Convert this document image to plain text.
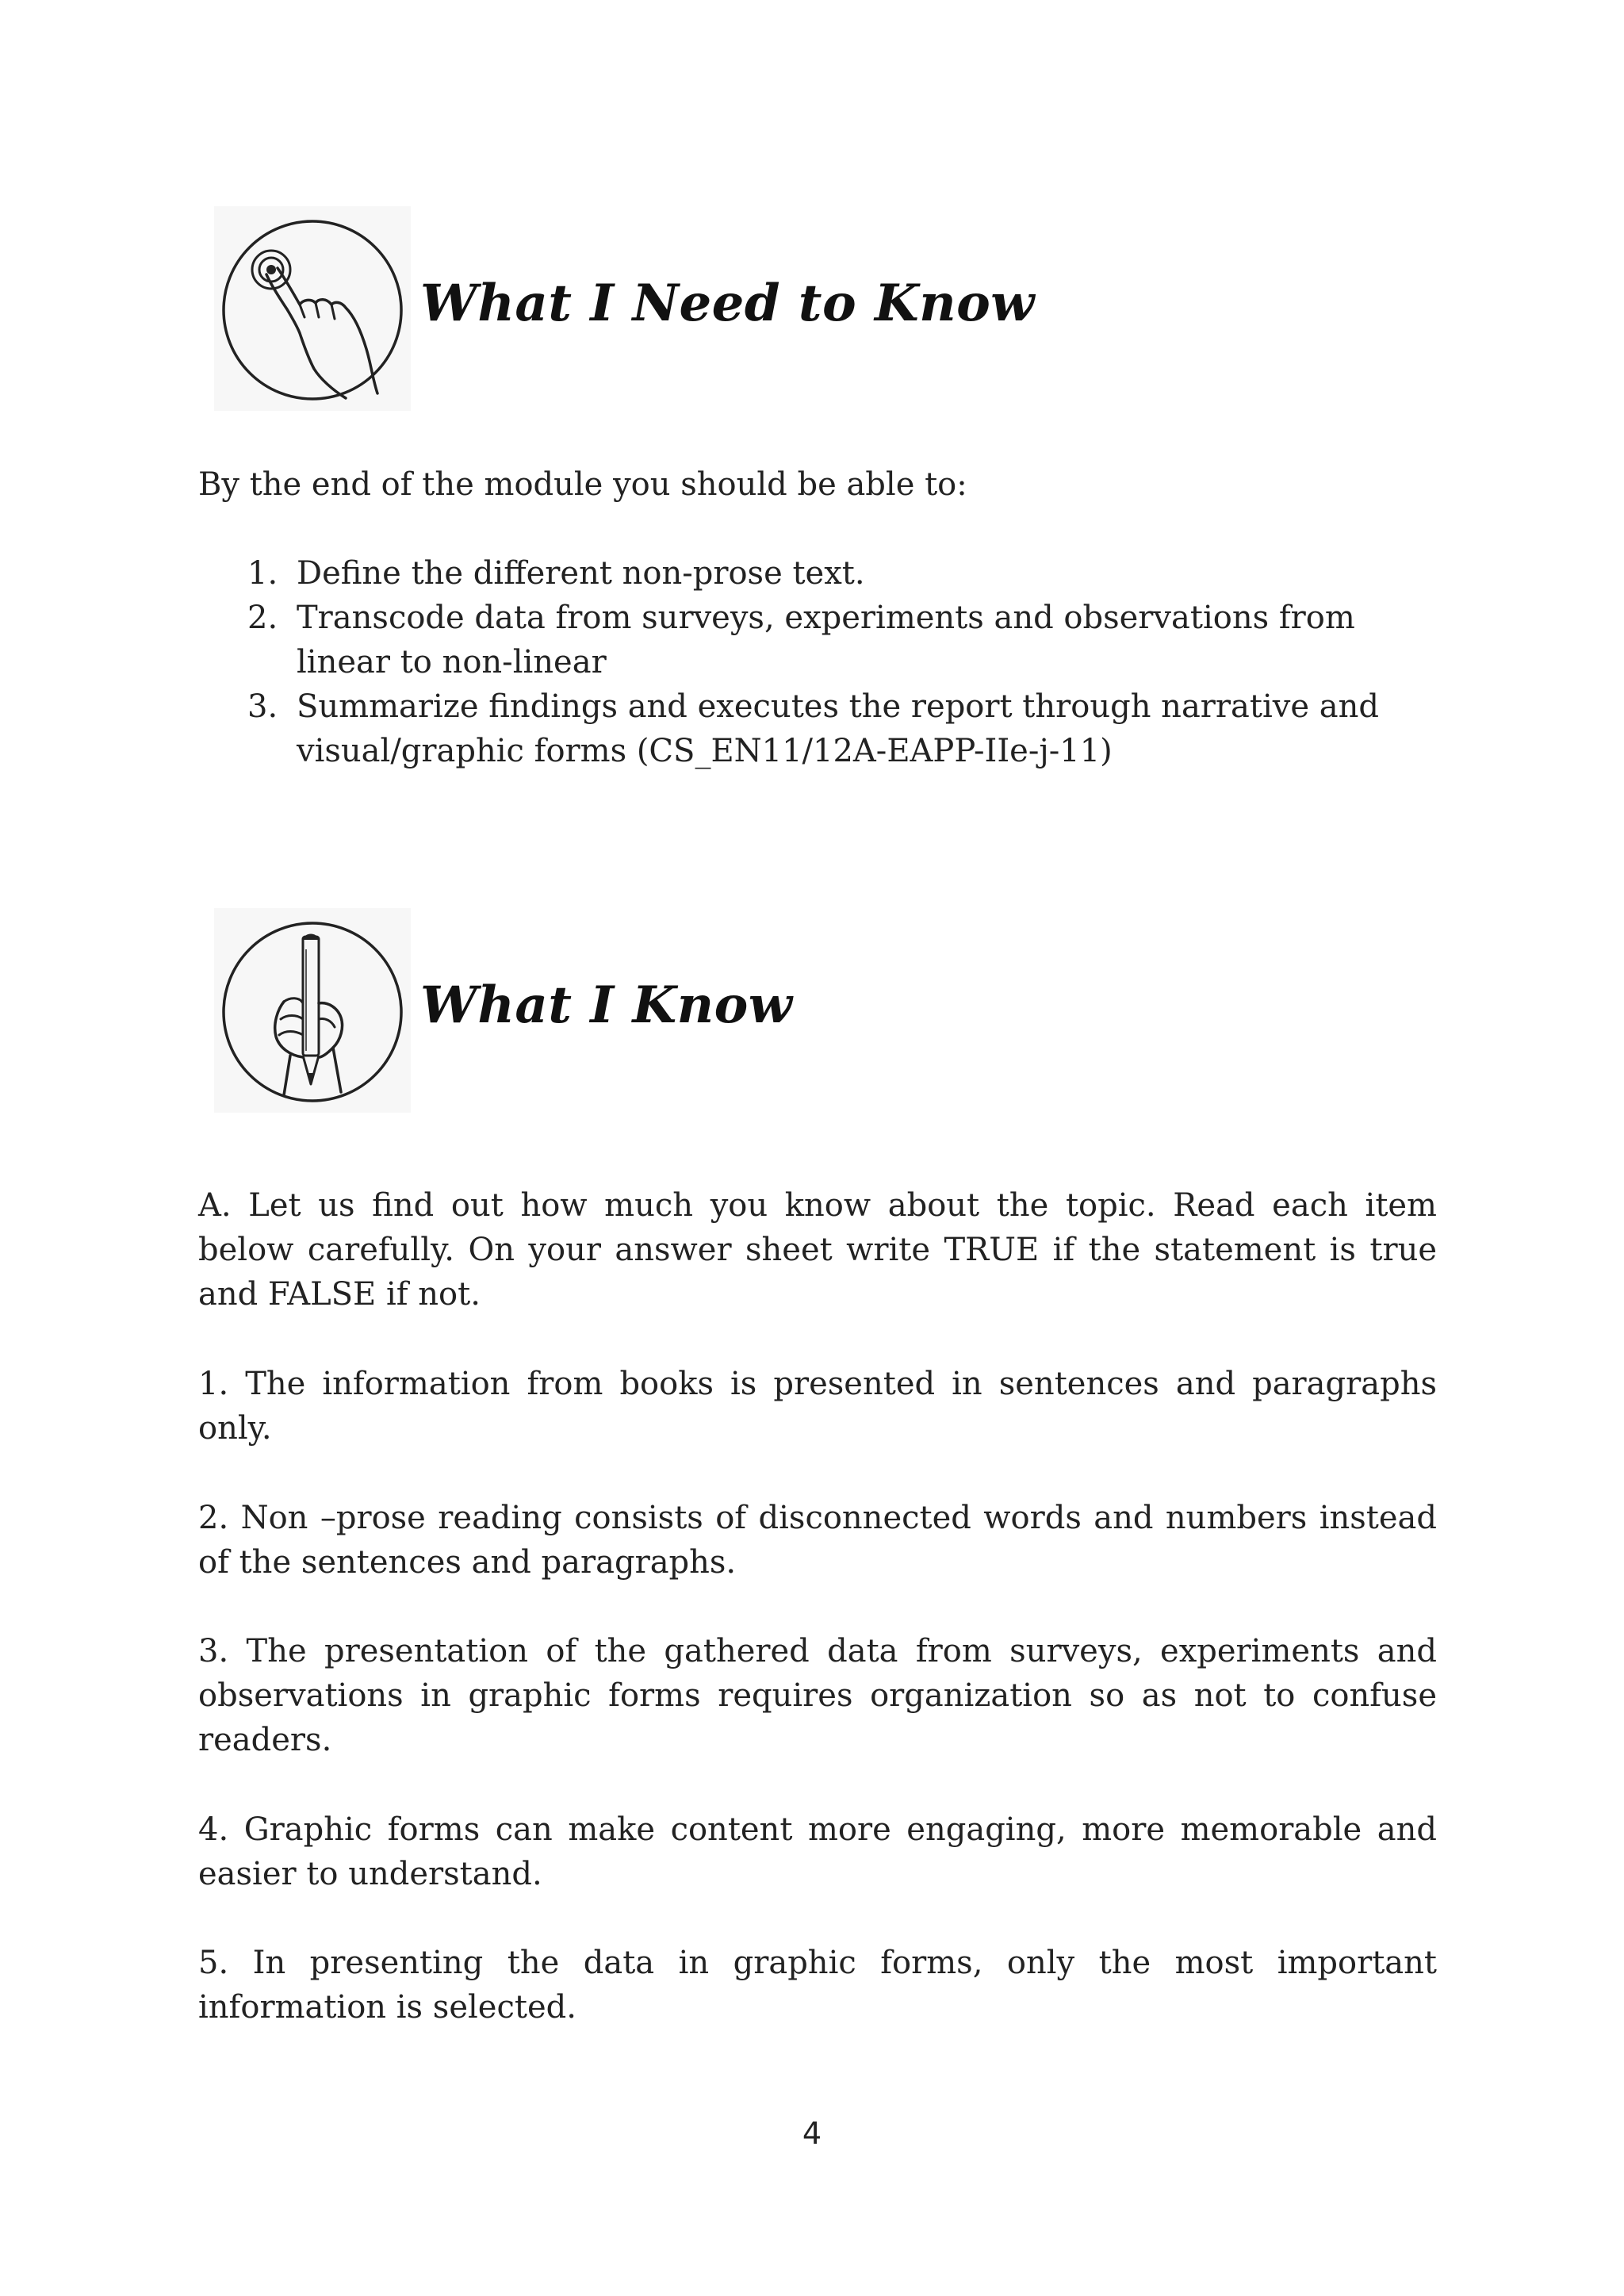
What I Need to Know

By the end of the module you should be able to:

1. Define the different non-prose text.
2. Transcode data from surveys, experiments and observations from linear to non-linear
3. Summarize findings and executes the report through narrative and visual/graphic forms (CS_EN11/12A-EAPP-IIe-j-11)
What I Know

A. Let us find out how much you know about the topic. Read each item below carefully. On your answer sheet write TRUE if the statement is true and FALSE if not.

1. The information from books is presented in sentences and paragraphs only.

2. Non –prose reading consists of disconnected words and numbers instead of the sentences and paragraphs.

3. The presentation of the gathered data from surveys, experiments and observations in graphic forms requires organization so as not to confuse readers.

4. Graphic forms can make content more engaging, more memorable and easier to understand.

5. In presenting the data in graphic forms, only the most important information is selected.

4
